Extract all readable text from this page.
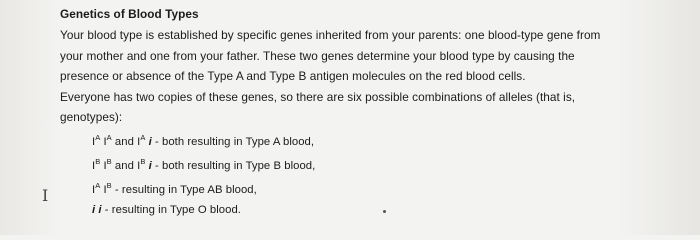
Genetics of Blood Types
Your blood type is established by specific genes inherited from your parents: one blood-type gene from
your mother and one from your father. These two genes determine your blood type by causing the
presence or absence of the Type A and Type B antigen molecules on the red blood cells.
Everyone has two copies of these genes, so there are six possible combinations of alleles (that is,
genotypes):
$I^A$ $I^A$ and $I^A$ i - both resulting in Type A blood,
$I^B$ $I^B$ and $I^B$ i - both resulting in Type B blood,
$I^A$ $I^B$ - resulting in Type AB blood,
i i - resulting in Type O blood.
I
